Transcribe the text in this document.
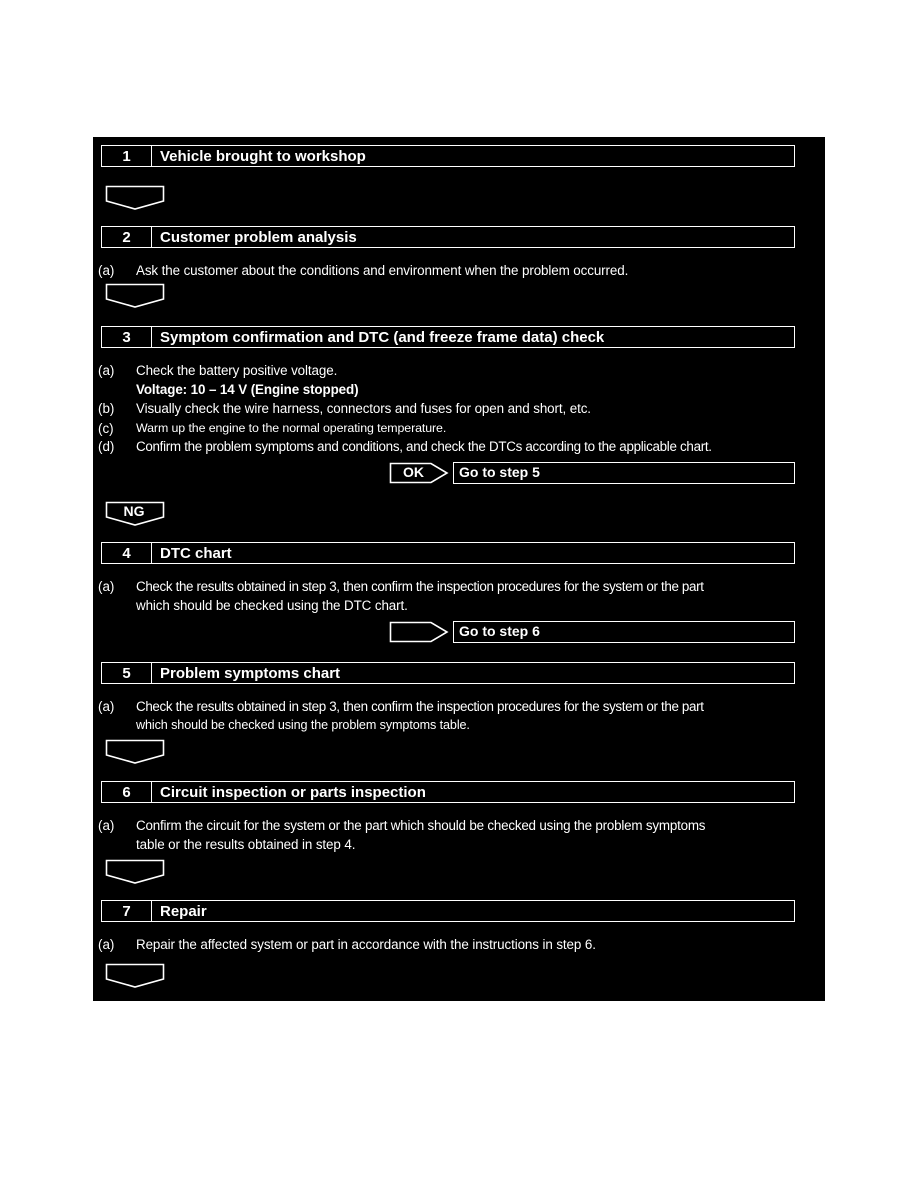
1	Vehicle brought to workshop
2	Customer problem analysis
(a) Ask the customer about the conditions and environment when the problem occurred.
3	Symptom confirmation and DTC (and freeze frame data) check
(a) Check the battery positive voltage.
Voltage: 10 – 14 V (Engine stopped)
(b) Visually check the wire harness, connectors and fuses for open and short, etc.
(c) Warm up the engine to the normal operating temperature.
(d) Confirm the problem symptoms and conditions, and check the DTCs according to the applicable chart.
OK	Go to step 5
NG
4	DTC chart
(a) Check the results obtained in step 3, then confirm the inspection procedures for the system or the part
which should be checked using the DTC chart.
Go to step 6
5	Problem symptoms chart
(a) Check the results obtained in step 3, then confirm the inspection procedures for the system or the part
which should be checked using the problem symptoms table.
6	Circuit inspection or parts inspection
(a) Confirm the circuit for the system or the part which should be checked using the problem symptoms
table or the results obtained in step 4.
7	Repair
(a) Repair the affected system or part in accordance with the instructions in step 6.
